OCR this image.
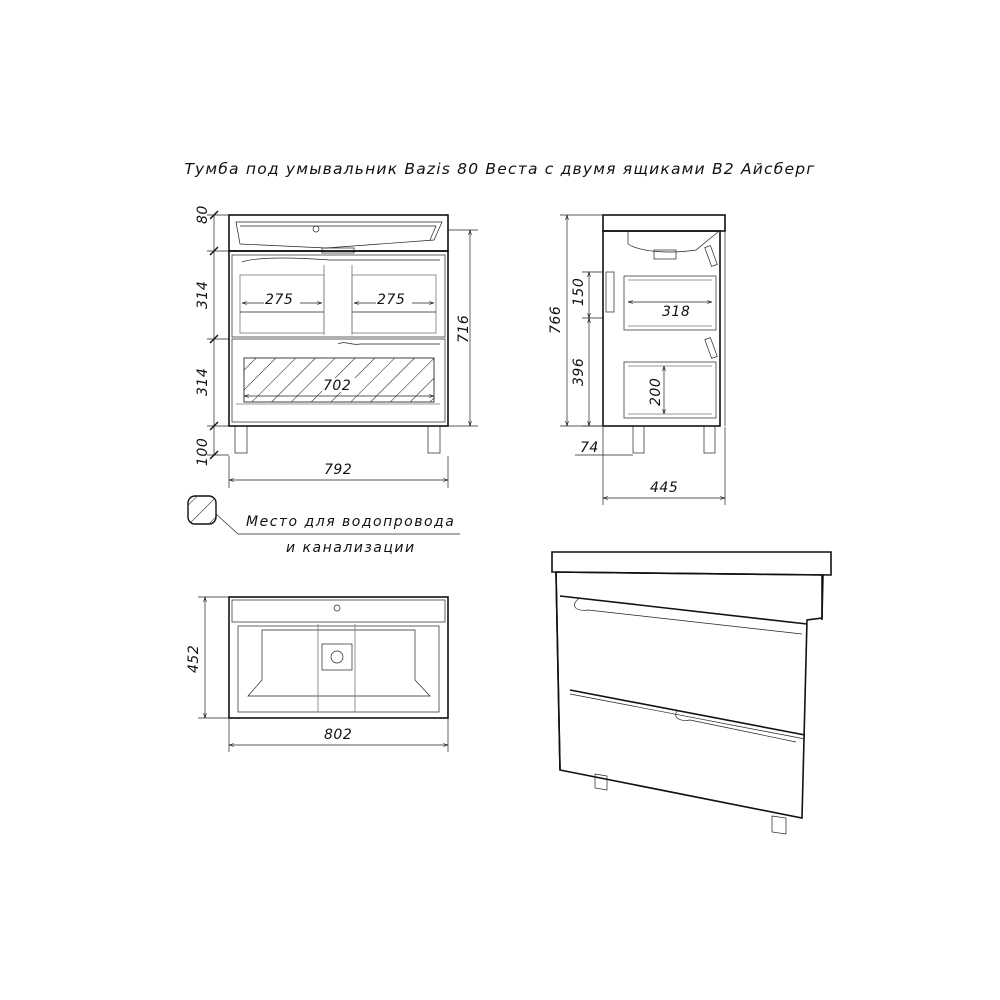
Тумба под умывальник Bazis 80 Веста с двумя ящиками В2 Айсберг
80
314
314
100
716
275	275
702
792
766
150
396
74
318
200
445
452
802
Место для водопровода
и канализации
